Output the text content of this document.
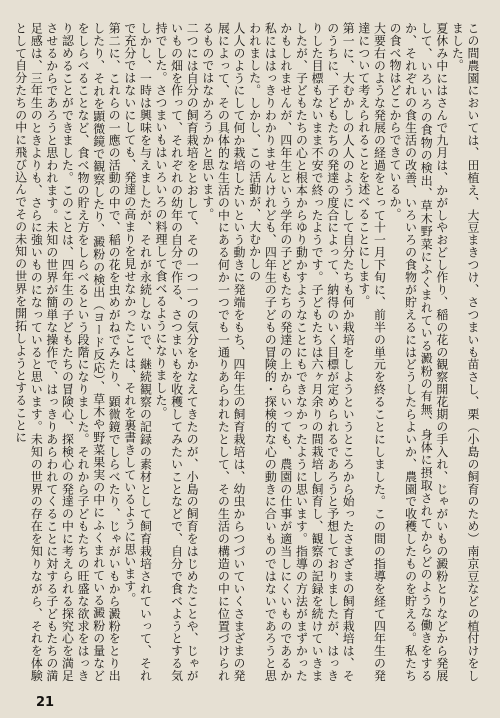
この間農園においては、田植え、大豆まきつけ、さつまいも苗さし、栗（小島の飼育のため）南京豆などの植付けをしました。

夏休み中にはさんで九月は、かがしやおどし作り、稲の花の観察開花期の手入れ、じゃがいもの澱粉とりなどから発展して、いろいろの食物の検出、草木野菜にふくまれている澱粉の有無、身体に摂取されてからどのような働きをするか、それぞれの食生活の改善、いろいろの食物が貯えるにはどうしたらよいか、農園で收穫したものを貯える。私たちの食べ物はどこからできているか。

大要右のような発展の経過をとって十一月下旬に、前半の単元を終ることにしました。この間の指導を経て四年生の発達について考えられることを述べることにします。

第一に、大むかしの人人のようにして自分たちも何か栽培をしようというところから始ったさまざまの飼育栽培は、そのうちに、子どもたちの発達の度合によって、納得のいく目標が定められるであろうと予想しておりましたが、はっきりした目標もないまま不安で終ったようです。子どもたちは六ヶ月余りの間栽培し飼育し、観察の記録を続けていきましたが、子どもたちの心と根本からゆり動かすようなことにもできなかったように思います。指導の方法がまずかったかもしれませんが、四年生という学年の子どもたちの発達の上からいっても、農園の仕事が適当しにくいものであるか私にははっきりわかりませんけれども、四年生の子どもの冒険的・探検的な心の動きに合いものではないであろうと思われました。しかし、この活動が、大むかしの

人人のようにして何か栽培したいという動きに発端をもち、四年生の飼育栽培は、幼虫からつづいていくさまざまの発展によって、その具体的な生活の中にある何か一つでも一通りあらわれたとして、その生活の構造の中に位置づけられるものではなかろうかと思います。

二つには自分の飼育栽培をとおして、その一つ一つの気分をかなえてきたのが、小島の飼育をはじめたことや、じゃがいもの畑を作って、それぞれの幼年の自分で作る、さつまいもを收穫してみたいことなどで、自分で食べようとする気持でした。さつまいもはいろいろの料理して食べるようになりました。

しかし、一時は興味を与えましたが、それが永続しないで、継続観察の記録の素材として飼育栽培されていって、それで充分ではないにしても、発達の高まりを見せなかったことは、それを裏書きしているように思います。

第二に、これらの一應の活動の中で、稲の花を虫めがねでみたり、顕微鏡でしらべたり、じゃがいもから澱粉をとり出したり、それを顕微鏡で観察したり、澱粉の検出（ヨード反応）、草木や野菜果実の中にふくまれている澱粉の量などをしらべることなど、食べ物の貯え方をしらべるという段階になりました。それから子どもたちの旺盛な欲求をはっきり認めることができました。このことは、四年生の子どもたちの冒険心、探検心の発達の中に考えられる探究心を満足させるからであろうと思われます。未知の世界が簡単な操作で、はっきりあらわれてくることに対する子どもたちの満足感は、三年生のときよりも、さらに強いものになっていると思います。未知の世界の存在を知りながら、それを体験として自分たちの中に飛び込んでその未知の世界を開拓しようとすることに

21
